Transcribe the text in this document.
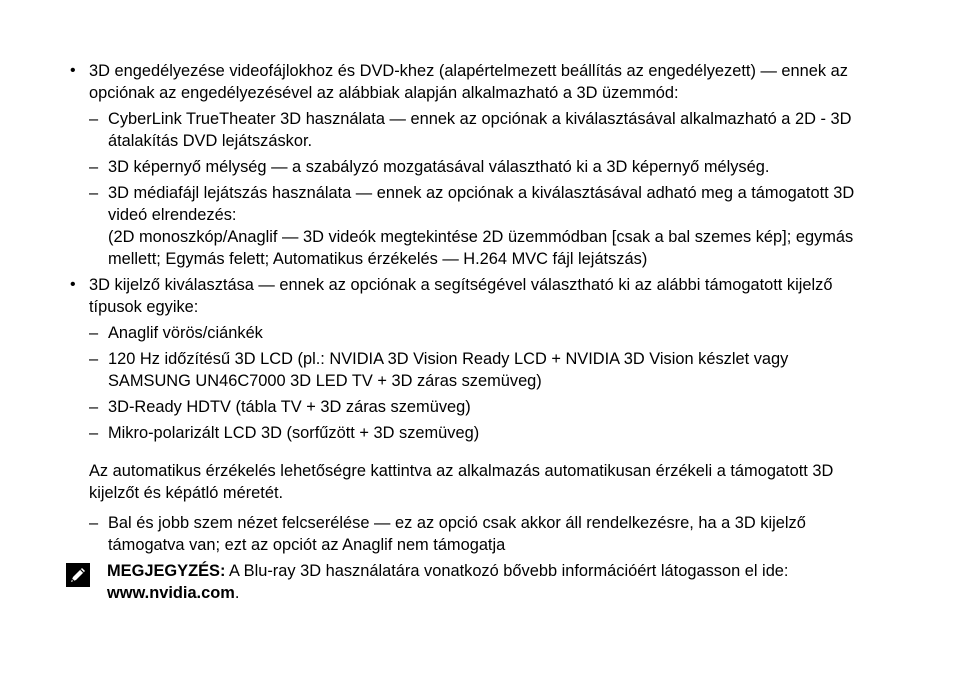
• 3D engedélyezése videofájlokhoz és DVD-khez (alapértelmezett beállítás az engedélyezett) — ennek az opciónak az engedélyezésével az alábbiak alapján alkalmazható a 3D üzemmód:
– CyberLink TrueTheater 3D használata — ennek az opciónak a kiválasztásával alkalmazható a 2D - 3D átalakítás DVD lejátszáskor.
– 3D képernyő mélység — a szabályzó mozgatásával választható ki a 3D képernyő mélység.
– 3D médiafájl lejátszás használata — ennek az opciónak a kiválasztásával adható meg a támogatott 3D videó elrendezés:
(2D monoszkóp/Anaglif — 3D videók megtekintése 2D üzemmódban [csak a bal szemes kép]; egymás mellett; Egymás felett; Automatikus érzékelés — H.264 MVC fájl lejátszás)
• 3D kijelző kiválasztása — ennek az opciónak a segítségével választható ki az alábbi támogatott kijelző típusok egyike:
– Anaglif vörös/ciánkék
– 120 Hz időzítésű 3D LCD (pl.: NVIDIA 3D Vision Ready LCD + NVIDIA 3D Vision készlet vagy SAMSUNG UN46C7000 3D LED TV + 3D záras szemüveg)
– 3D-Ready HDTV (tábla TV + 3D záras szemüveg)
– Mikro-polarizált LCD 3D (sorfűzött + 3D szemüveg)
Az automatikus érzékelés lehetőségre kattintva az alkalmazás automatikusan érzékeli a támogatott 3D kijelzőt és képátló méretét.
– Bal és jobb szem nézet felcserélése — ez az opció csak akkor áll rendelkezésre, ha a 3D kijelző támogatva van; ezt az opciót az Anaglif nem támogatja
MEGJEGYZÉS: A Blu-ray 3D használatára vonatkozó bővebb információért látogasson el ide: www.nvidia.com.
